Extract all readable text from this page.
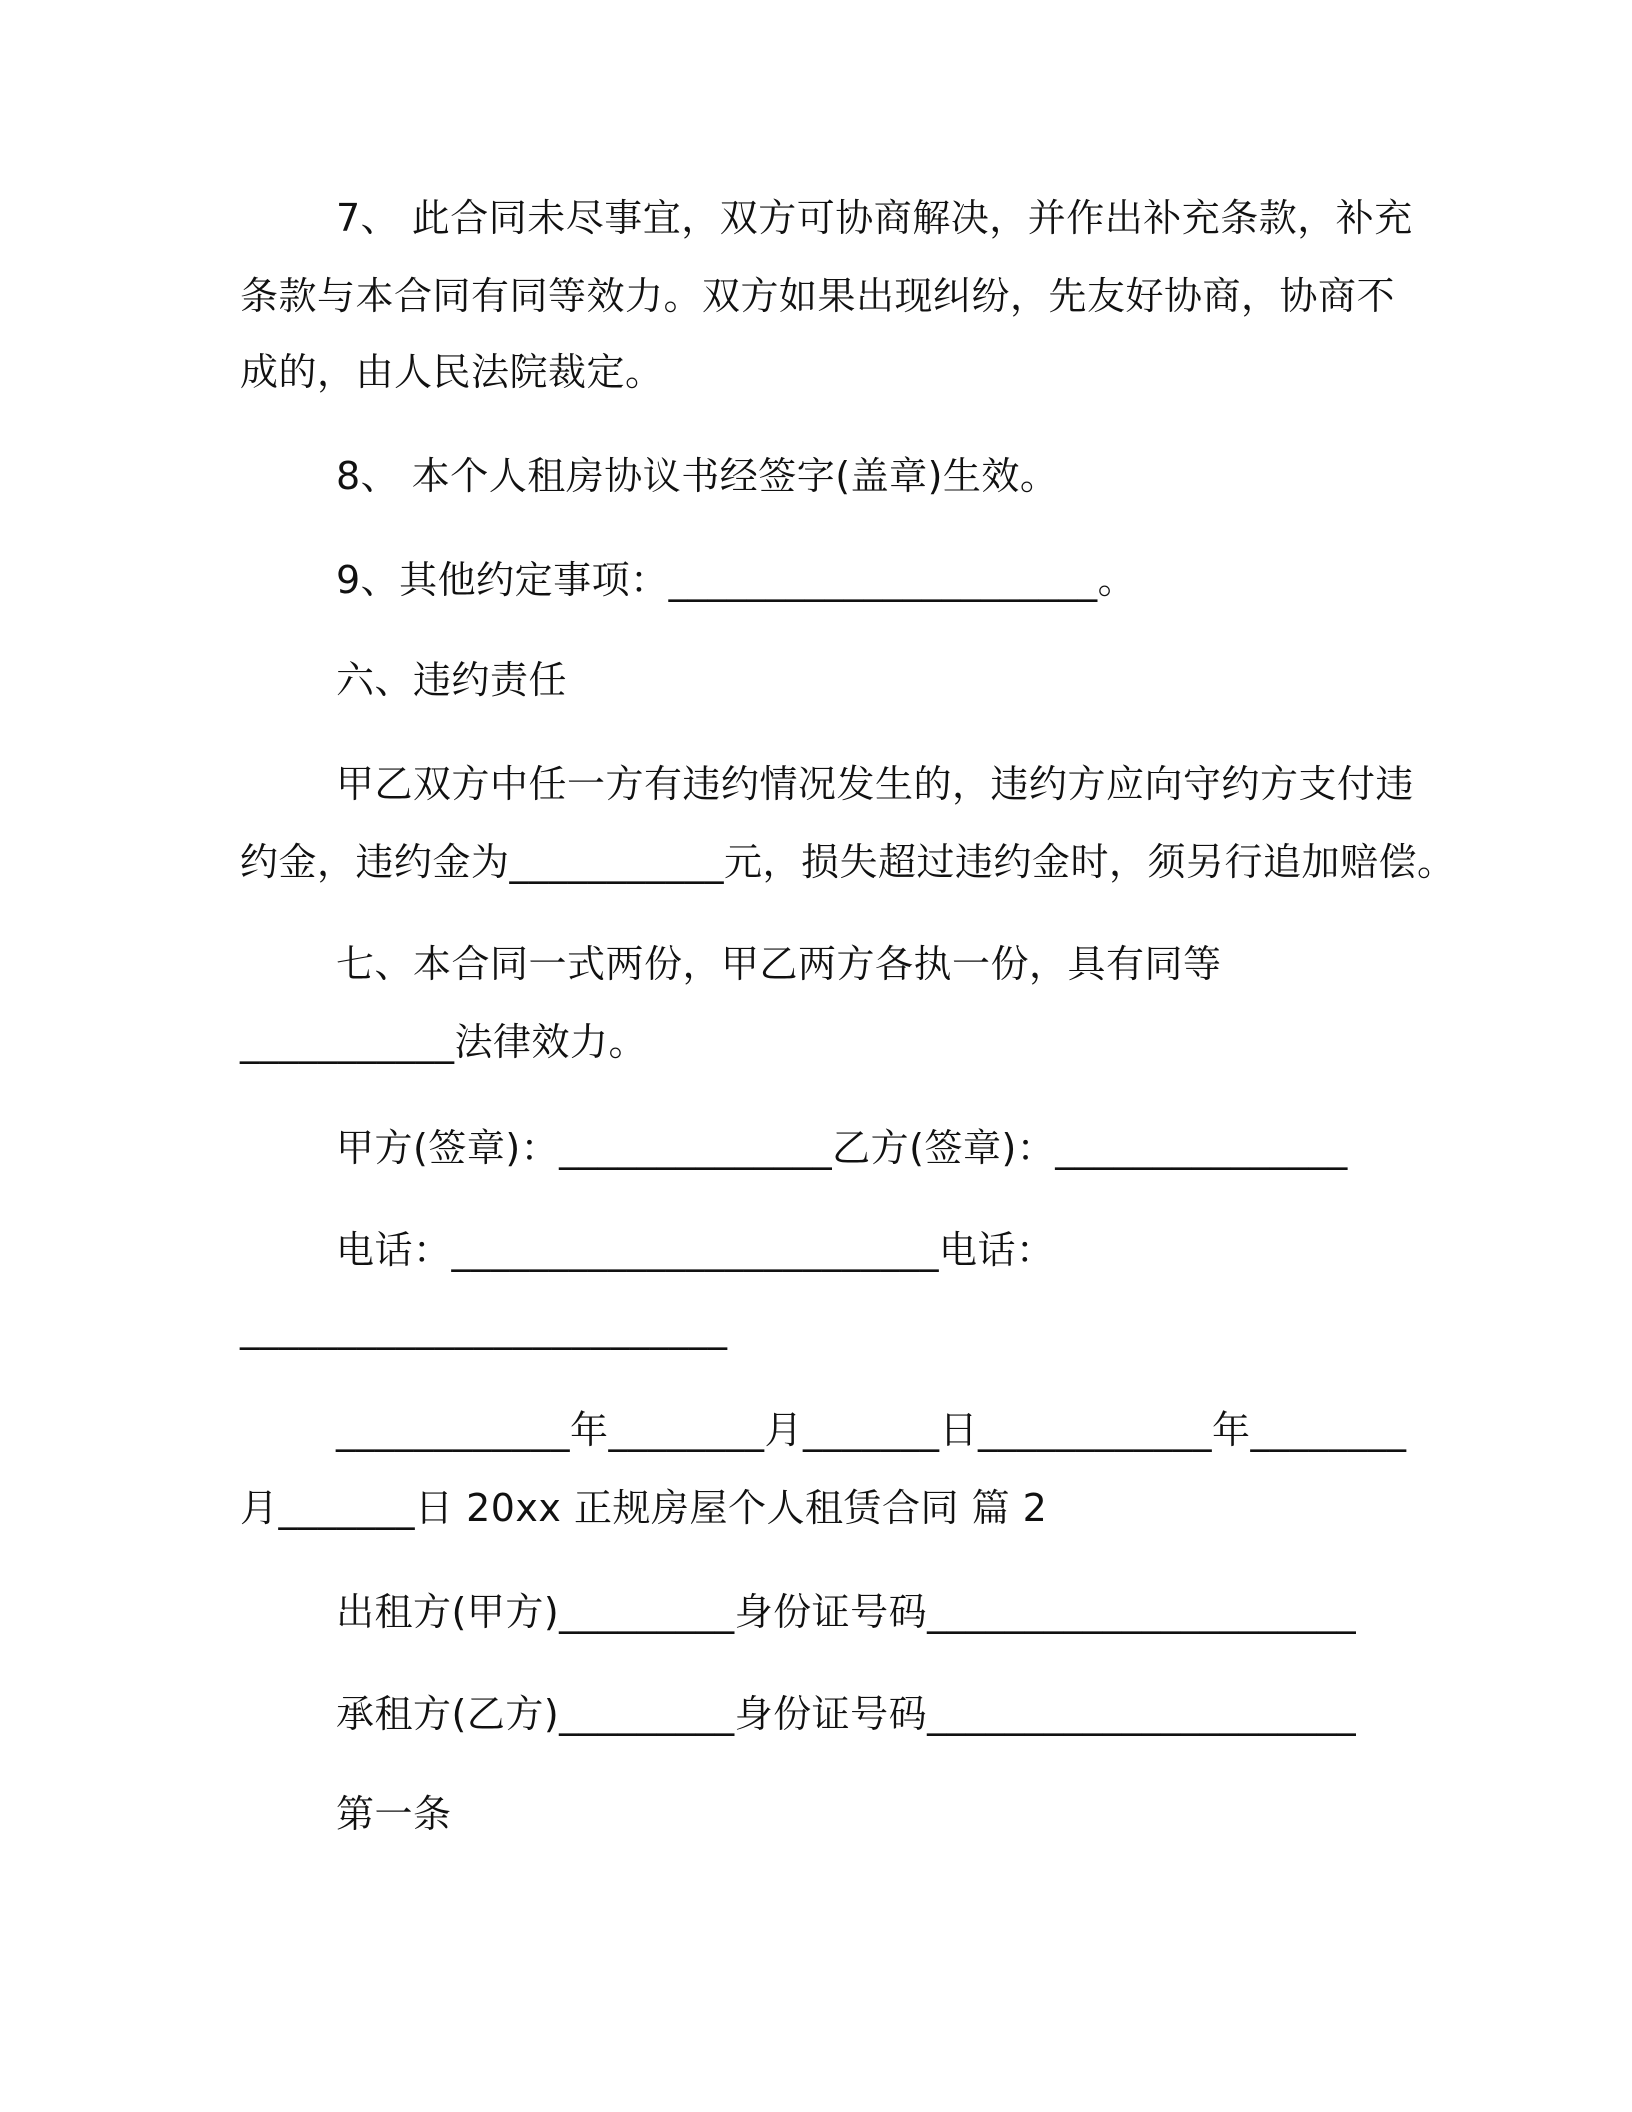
7、 此合同未尽事宜，双方可协商解决，并作出补充条款，补充
条款与本合同有同等效力。双方如果出现纠纷，先友好协商，协商不
成的，由人民法院裁定。
8、 本个人租房协议书经签字(盖章)生效。
9、其他约定事项：______________________。
六、违约责任
甲乙双方中任一方有违约情况发生的，违约方应向守约方支付违
约金，违约金为___________元，损失超过违约金时，须另行追加赔偿。
七、本合同一式两份，甲乙两方各执一份，具有同等
___________法律效力。
甲方(签章)：______________乙方(签章)：_______________
电话：_________________________电话：
_________________________
____________年________月_______日____________年________
月_______日 20xx 正规房屋个人租赁合同 篇 2
出租方(甲方)_________身份证号码______________________
承租方(乙方)_________身份证号码______________________
第一条
